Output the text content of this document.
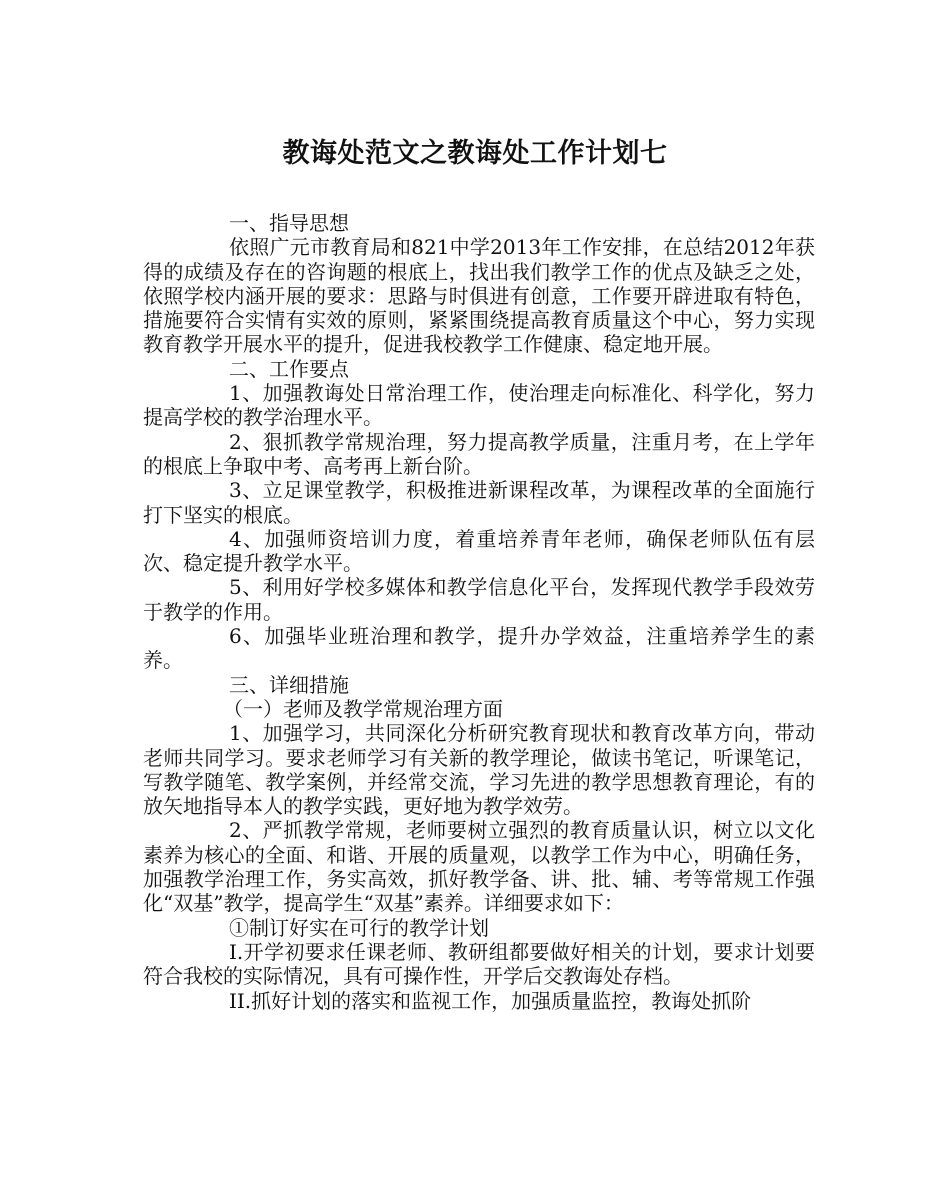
教诲处范文之教诲处工作计划七

一、指导思想

依照广元市教育局和821中学2013年工作安排，在总结2012年获得的成绩及存在的咨询题的根底上，找出我们教学工作的优点及缺乏之处，依照学校内涵开展的要求：思路与时俱进有创意，工作要开辟进取有特色，措施要符合实情有实效的原则，紧紧围绕提高教育质量这个中心，努力实现教育教学开展水平的提升，促进我校教学工作健康、稳定地开展。

二、工作要点

1、加强教诲处日常治理工作，使治理走向标准化、科学化，努力提高学校的教学治理水平。

2、狠抓教学常规治理，努力提高教学质量，注重月考，在上学年的根底上争取中考、高考再上新台阶。

3、立足课堂教学，积极推进新课程改革，为课程改革的全面施行打下坚实的根底。

4、加强师资培训力度，着重培养青年老师，确保老师队伍有层次、稳定提升教学水平。

5、利用好学校多媒体和教学信息化平台，发挥现代教学手段效劳于教学的作用。

6、加强毕业班治理和教学，提升办学效益，注重培养学生的素养。

三、详细措施

（一）老师及教学常规治理方面

1、加强学习，共同深化分析研究教育现状和教育改革方向，带动老师共同学习。要求老师学习有关新的教学理论，做读书笔记，听课笔记，写教学随笔、教学案例，并经常交流，学习先进的教学思想教育理论，有的放矢地指导本人的教学实践，更好地为教学效劳。

2、严抓教学常规，老师要树立强烈的教育质量认识，树立以文化素养为核心的全面、和谐、开展的质量观，以教学工作为中心，明确任务，加强教学治理工作，务实高效，抓好教学备、讲、批、辅、考等常规工作强化“双基”教学，提高学生“双基”素养。详细要求如下：

①制订好实在可行的教学计划

I.开学初要求任课老师、教研组都要做好相关的计划，要求计划要符合我校的实际情况，具有可操作性，开学后交教诲处存档。

II.抓好计划的落实和监视工作，加强质量监控，教诲处抓阶
